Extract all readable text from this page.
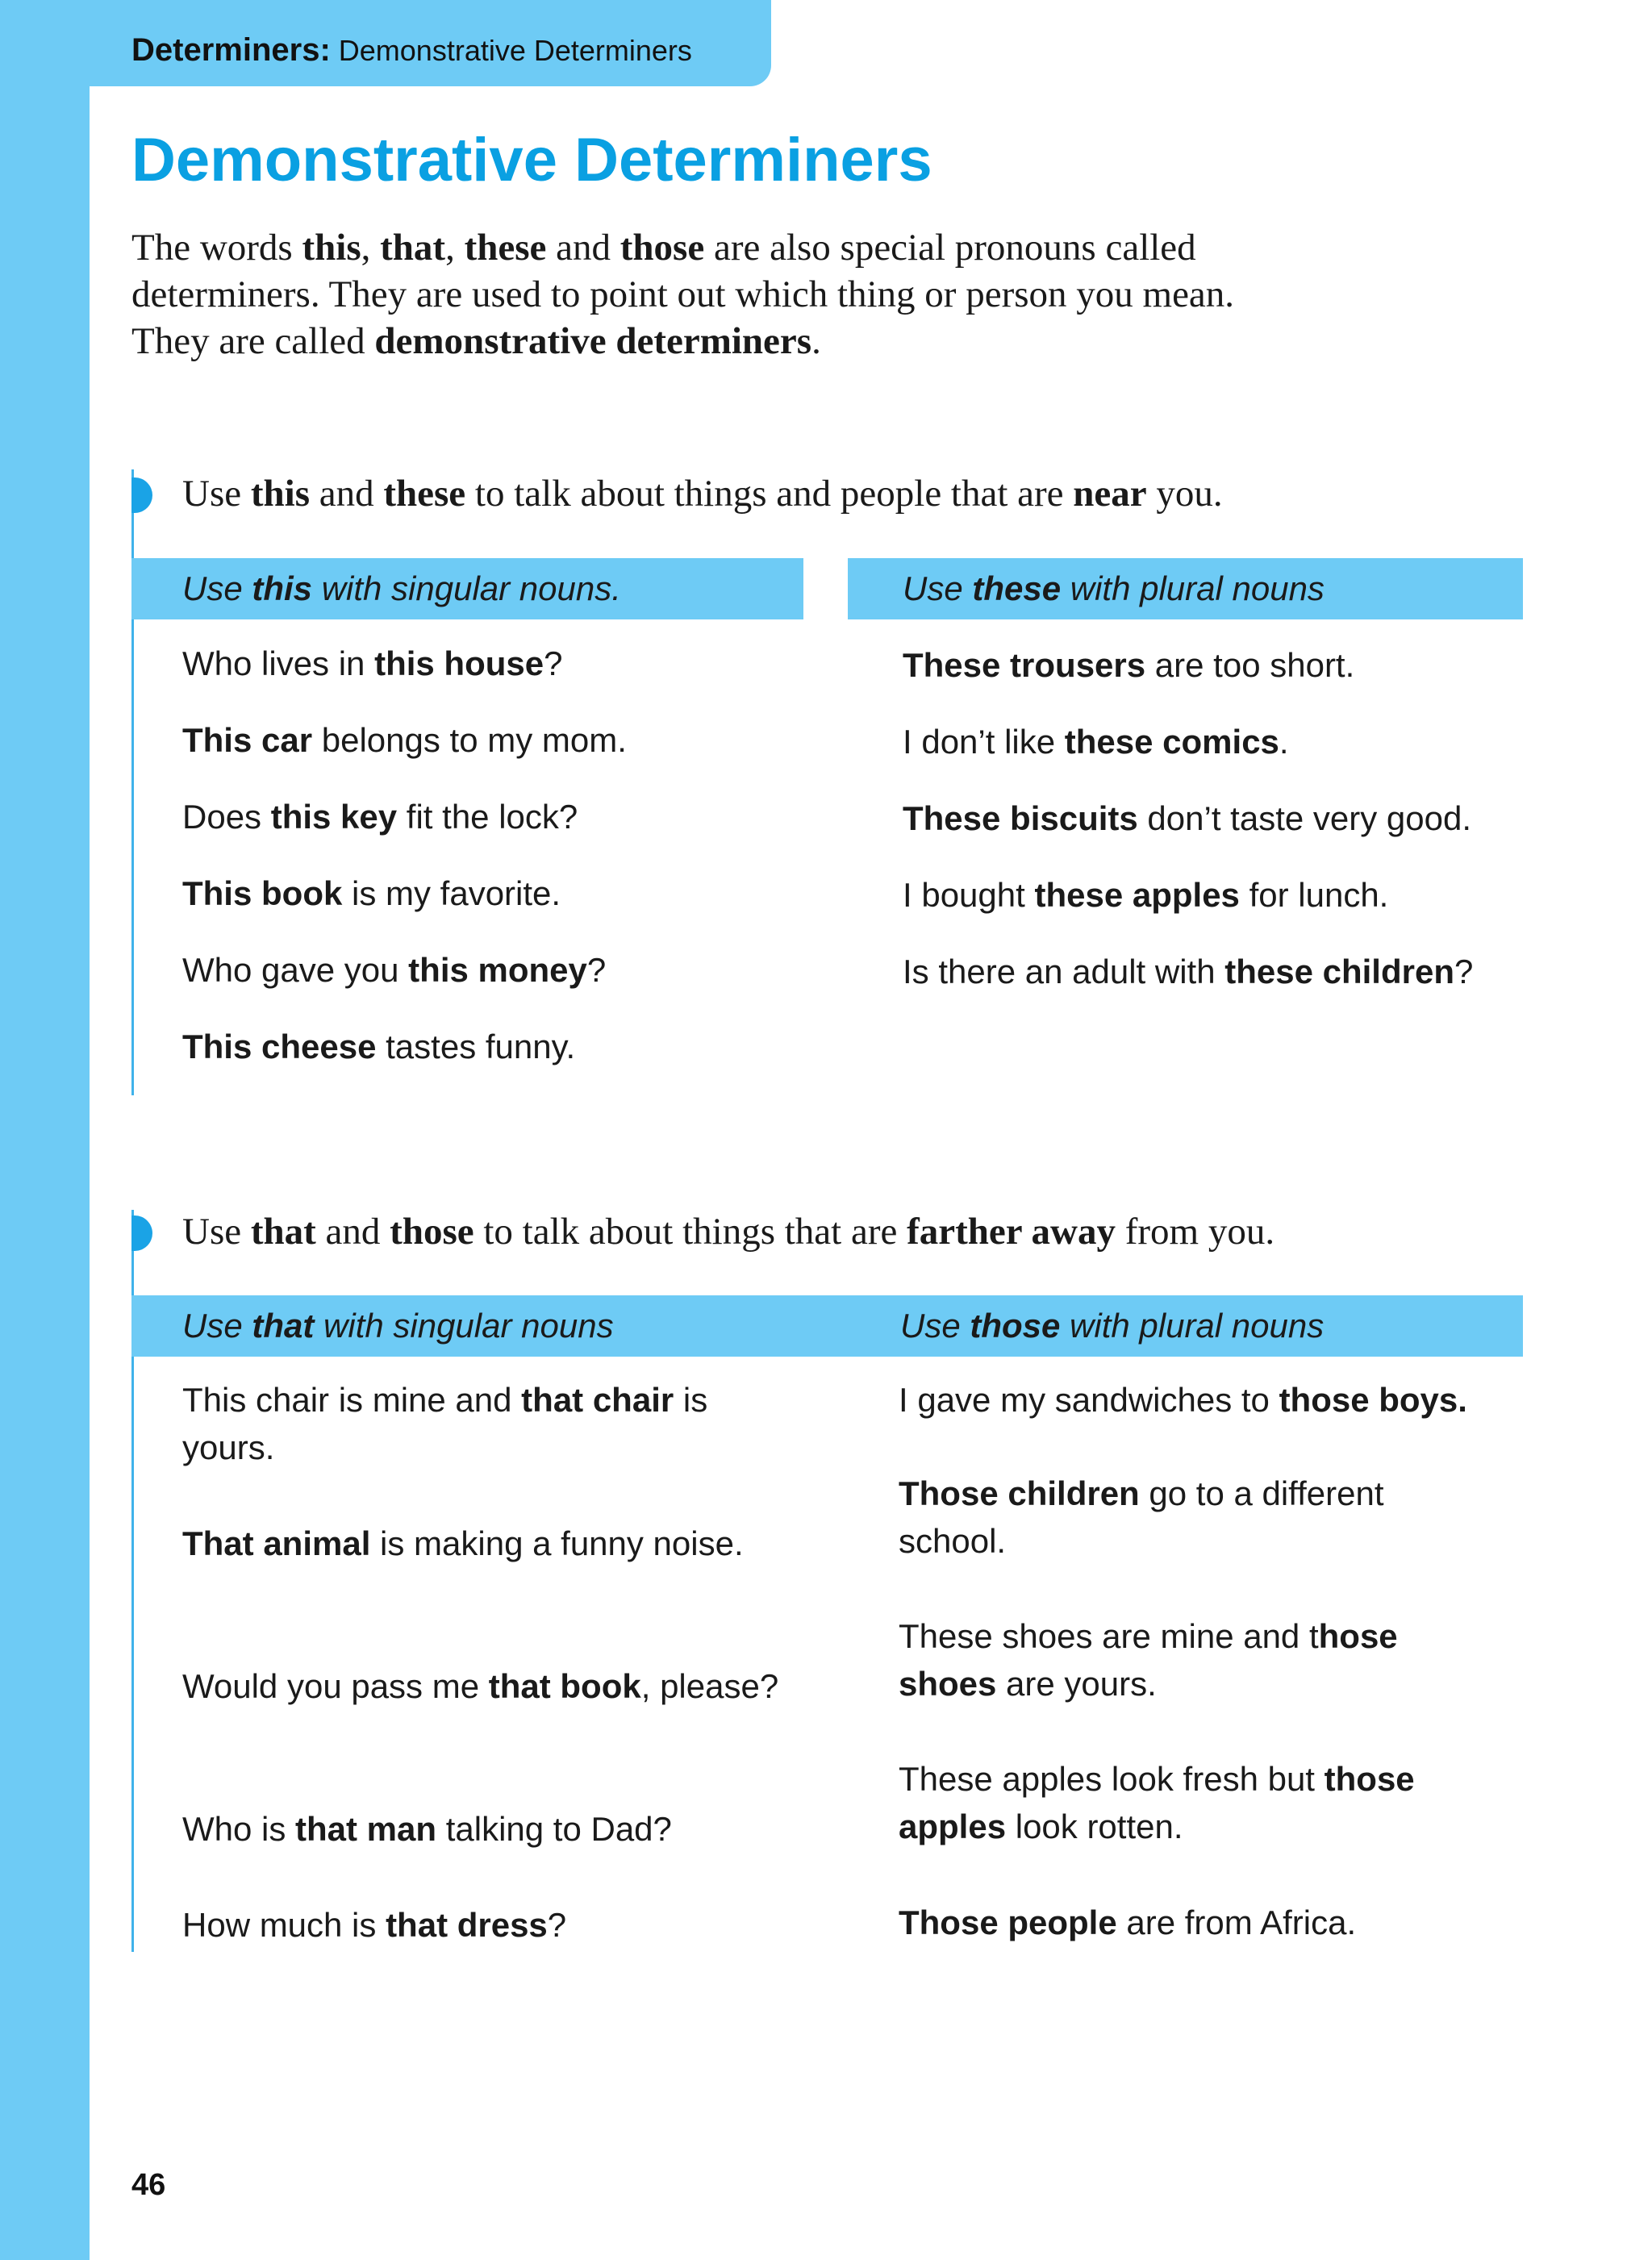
Determiners: Demonstrative Determiners
Demonstrative Determiners

The words this, that, these and those are also special pronouns called

determiners. They are used to point out which thing or person you mean.

They are called demonstrative determiners.

Use this and these to talk about things and people that are near you.
Use this with singular nouns.	Use these with plural nouns
Who lives in this house?
This car belongs to my mom.
Does this key fit the lock?
This book is my favorite.
Who gave you this money?
This cheese tastes funny.
These trousers are too short.
I don’t like these comics.
These biscuits don’t taste very good.
I bought these apples for lunch.
Is there an adult with these children?
Use that and those to talk about things that are farther away from you.
Use that with singular nouns	Use those with plural nouns
This chair is mine and that chair is yours.
That animal is making a funny noise.
Would you pass me that book, please?
Who is that man talking to Dad?
How much is that dress?
I gave my sandwiches to those boys.
Those children go to a different school.
These shoes are mine and those shoes are yours.
These apples look fresh but those apples look rotten.
Those people are from Africa.
46
